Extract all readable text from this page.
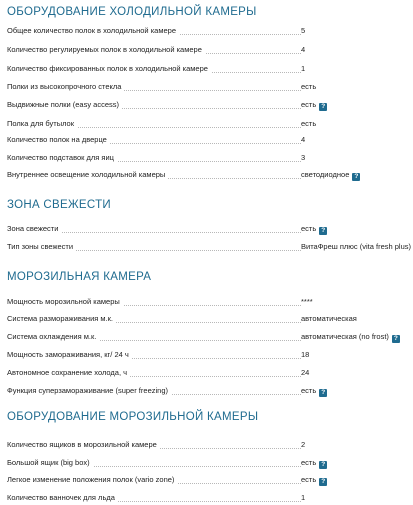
ОБОРУДОВАНИЕ ХОЛОДИЛЬНОЙ КАМЕРЫ
Общее количество полок в холодильной камере	5
Количество регулируемых полок в холодильной камере	4
Количество фиксированных полок в холодильной камере	1
Полки из высокопрочного стекла	есть
Выдвижные полки (easy access)	есть ?
Полка для бутылок	есть
Количество полок на дверце	4
Количество подставок для яиц	3
Внутреннее освещение холодильной камеры	светодиодное ?
ЗОНА СВЕЖЕСТИ
Зона свежести	есть ?
Тип зоны свежести	ВитаФреш плюс (vita fresh plus)
МОРОЗИЛЬНАЯ КАМЕРА
Мощность морозильной камеры	****
Система размораживания м.к.	автоматическая
Система охлаждения м.к.	автоматическая (no frost) ?
Мощность замораживания, кг/ 24 ч	18
Автономное сохранение холода, ч	24
Функция суперзамораживание (super freezing)	есть ?
ОБОРУДОВАНИЕ МОРОЗИЛЬНОЙ КАМЕРЫ
Количество ящиков в морозильной камере	2
Большой ящик (big box)	есть ?
Легкое изменение положения полок (vario zone)	есть ?
Количество ванночек для льда	1
